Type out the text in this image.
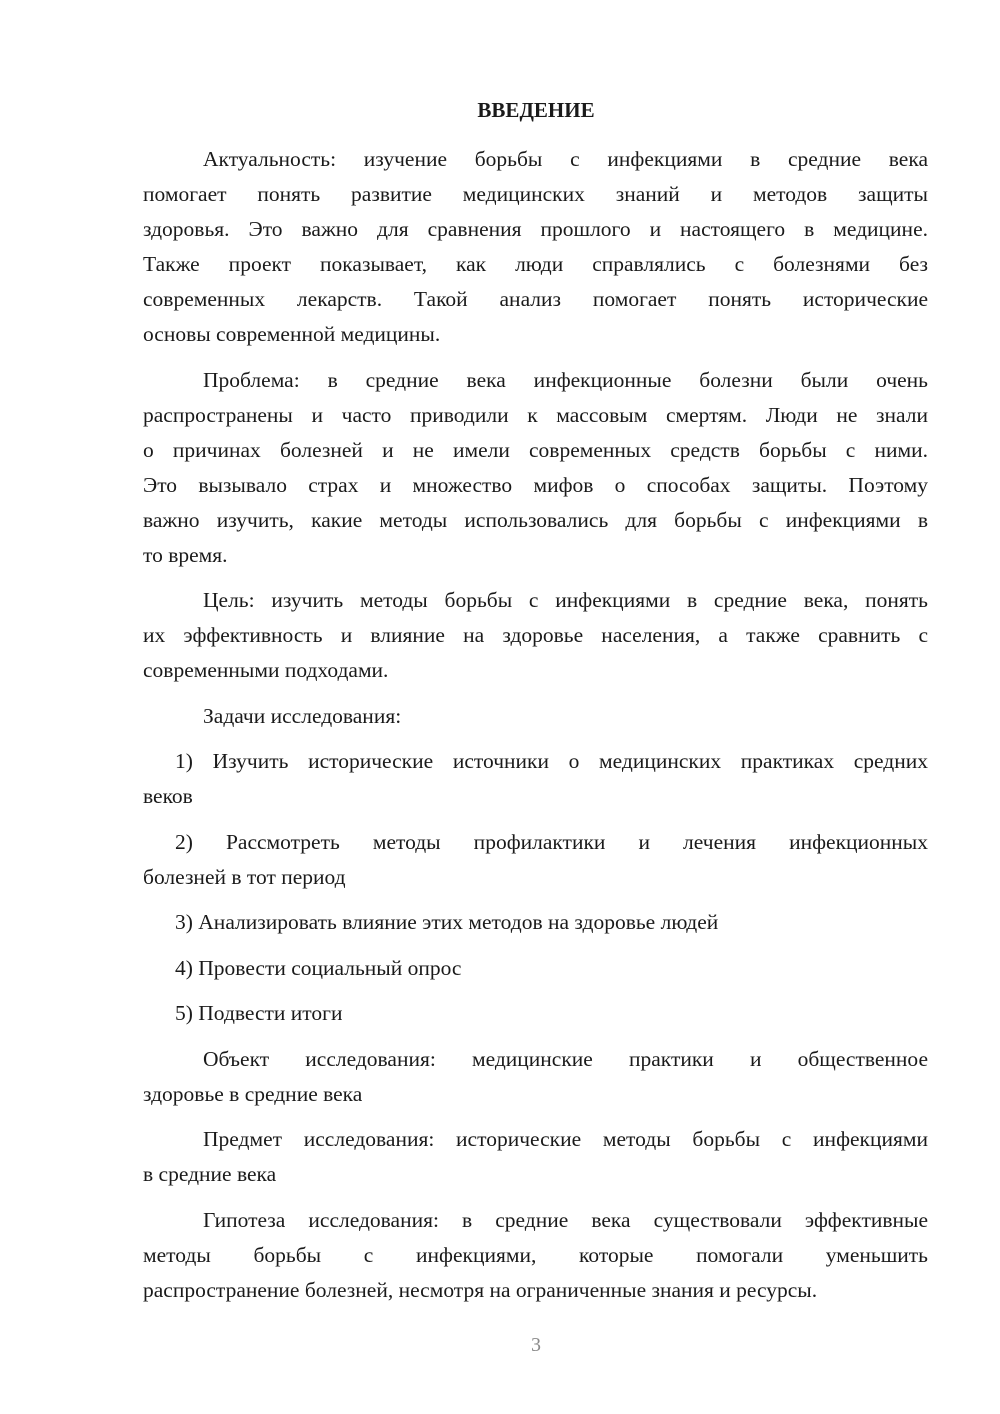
ВВЕДЕНИЕ
Актуальность: изучение борьбы с инфекциями в средние века
помогает понять развитие медицинских знаний и методов защиты
здоровья. Это важно для сравнения прошлого и настоящего в медицине.
Также проект показывает, как люди справлялись с болезнями без
современных лекарств. Такой анализ помогает понять исторические
основы современной медицины.
Проблема: в средние века инфекционные болезни были очень
распространены и часто приводили к массовым смертям. Люди не знали
о причинах болезней и не имели современных средств борьбы с ними.
Это вызывало страх и множество мифов о способах защиты. Поэтому
важно изучить, какие методы использовались для борьбы с инфекциями в
то время.
Цель: изучить методы борьбы с инфекциями в средние века, понять
их эффективность и влияние на здоровье населения, а также сравнить с
современными подходами.
Задачи исследования:
1) Изучить исторические источники о медицинских практиках средних
веков
2) Рассмотреть методы профилактики и лечения инфекционных
болезней в тот период
3) Анализировать влияние этих методов на здоровье людей
4) Провести социальный опрос
5) Подвести итоги
Объект исследования: медицинские практики и общественное
здоровье в средние века
Предмет исследования: исторические методы борьбы с инфекциями
в средние века
Гипотеза исследования: в средние века существовали эффективные
методы борьбы с инфекциями, которые помогали уменьшить
распространение болезней, несмотря на ограниченные знания и ресурсы.
3
